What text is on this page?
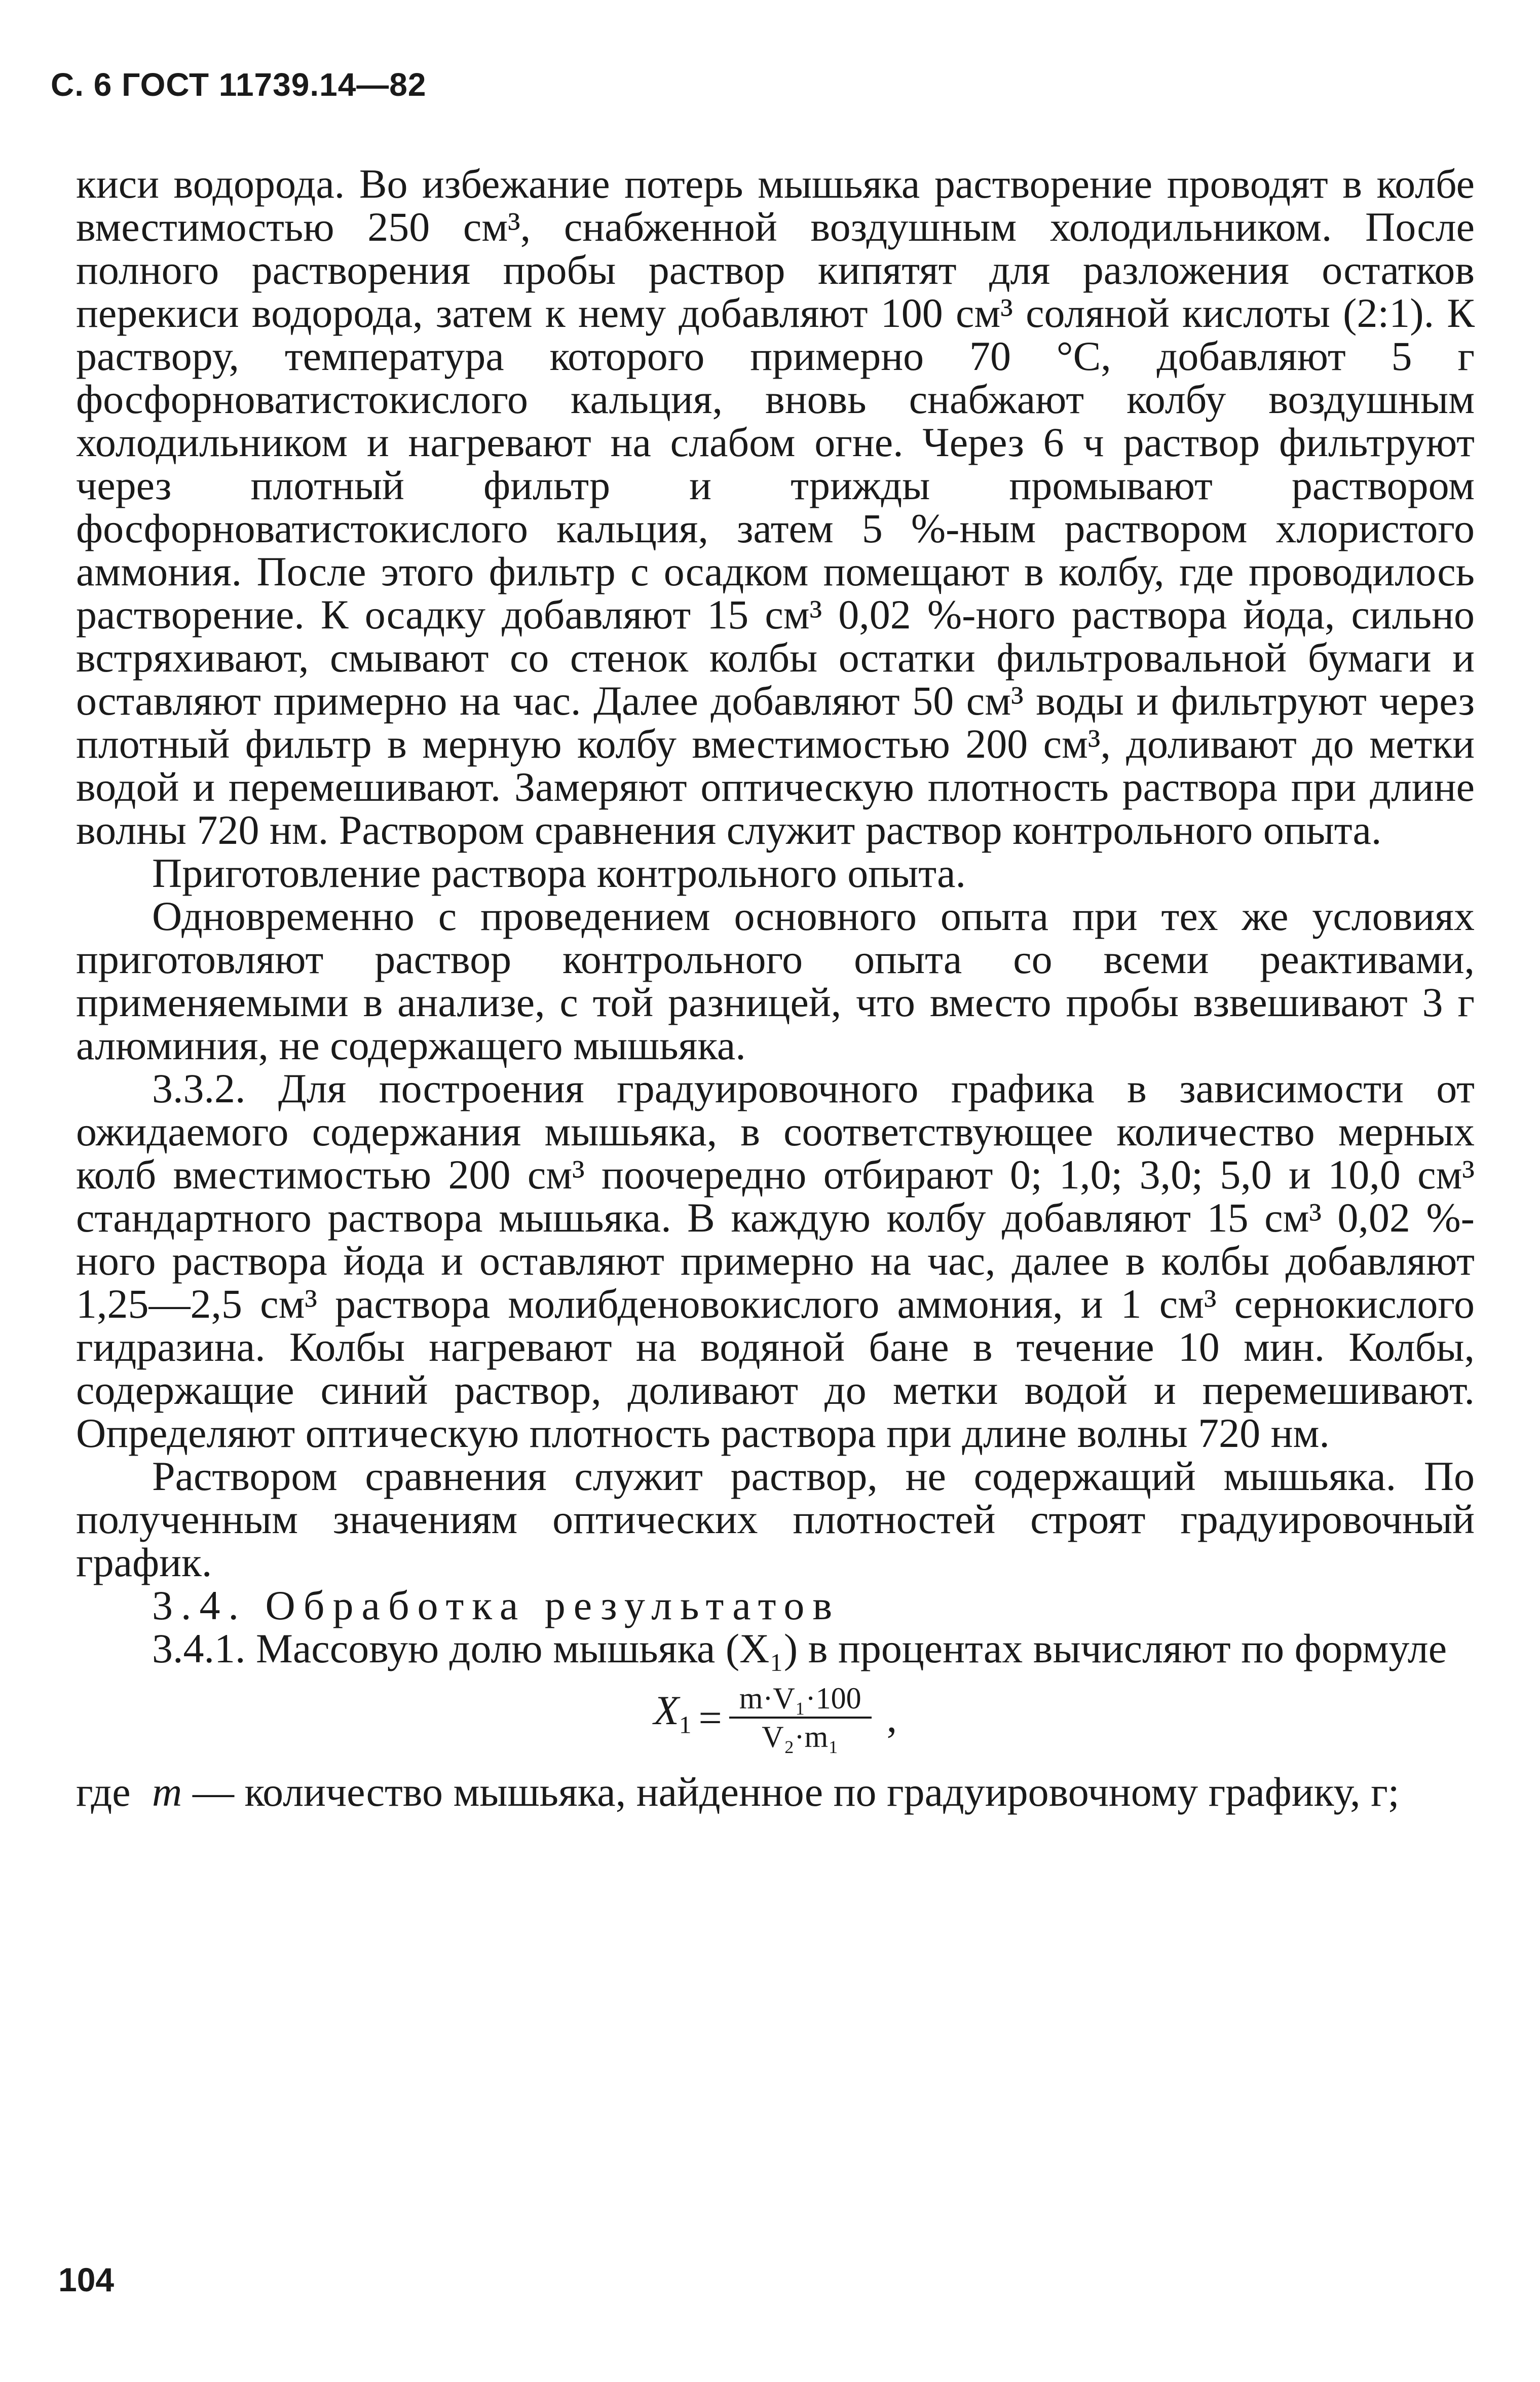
С. 6 ГОСТ 11739.14—82

киси водорода. Во избежание потерь мышьяка растворение проводят в колбе вместимостью 250 см³, снабженной воздушным холодильником. После полного растворения пробы раствор кипятят для разложения остатков перекиси водорода, затем к нему добавляют 100 см³ соляной кислоты (2:1). К раствору, температура которого примерно 70 °С, добавляют 5 г фосфорноватистокислого кальция, вновь снабжают колбу воздушным холодильником и нагревают на слабом огне. Через 6 ч раствор фильтруют через плотный фильтр и трижды промывают раствором фосфорноватистокислого кальция, затем 5 %-ным раствором хлористого аммония. После этого фильтр с осадком помещают в колбу, где проводилось растворение. К осадку добавляют 15 см³ 0,02 %-ного раствора йода, сильно встряхивают, смывают со стенок колбы остатки фильтровальной бумаги и оставляют примерно на час. Далее добавляют 50 см³ воды и фильтруют через плотный фильтр в мерную колбу вместимостью 200 см³, доливают до метки водой и перемешивают. Замеряют оптическую плотность раствора при длине волны 720 нм. Раствором сравнения служит раствор контрольного опыта.

Приготовление раствора контрольного опыта.

Одновременно с проведением основного опыта при тех же условиях приготовляют раствор контрольного опыта со всеми реактивами, применяемыми в анализе, с той разницей, что вместо пробы взвешивают 3 г алюминия, не содержащего мышьяка.

3.3.2. Для построения градуировочного графика в зависимости от ожидаемого содержания мышьяка, в соответствующее количество мерных колб вместимостью 200 см³ поочередно отбирают 0; 1,0; 3,0; 5,0 и 10,0 см³ стандартного раствора мышьяка. В каждую колбу добавляют 15 см³ 0,02 %-ного раствора йода и оставляют примерно на час, далее в колбы добавляют 1,25—2,5 см³ раствора молибденовокислого аммония, и 1 см³ сернокислого гидразина. Колбы нагревают на водяной бане в течение 10 мин. Колбы, содержащие синий раствор, доливают до метки водой и перемешивают. Определяют оптическую плотность раствора при длине волны 720 нм.

Раствором сравнения служит раствор, не содержащий мышьяка. По полученным значениям оптических плотностей строят градуировочный график.

3.4. Обработка результатов

3.4.1. Массовую долю мышьяка (X₁) в процентах вычисляют по формуле

$X_1 = \frac{\text{m·V₁·100}}{\text{V₂·m₁}}$ ,
где m — количество мышьяка, найденное по градуировочному графику, г;
104
